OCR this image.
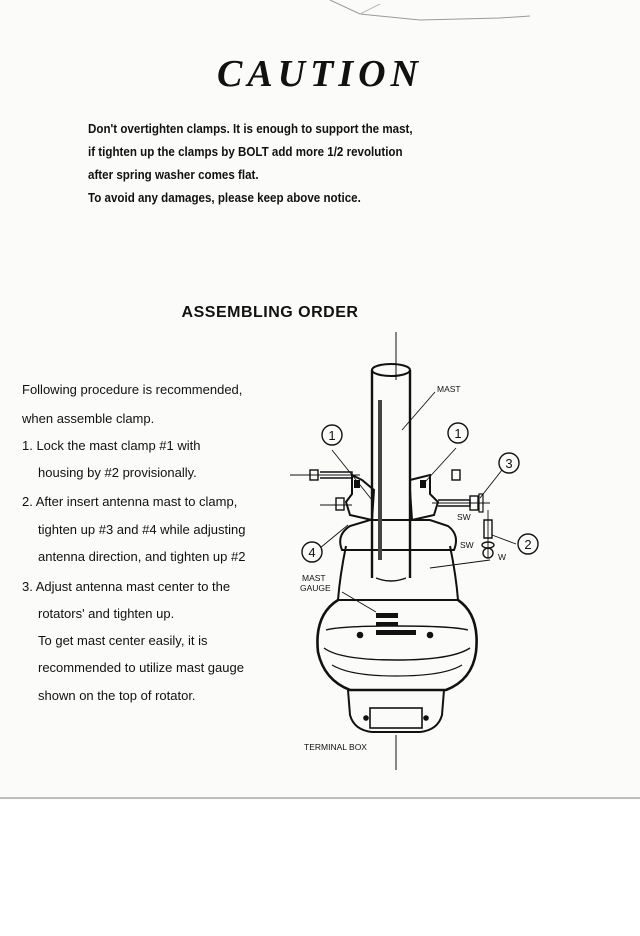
CAUTION
Don't overtighten clamps. It is enough to support the mast,
if tighten up the clamps by BOLT add more 1/2 revolution
after spring washer comes flat.
To avoid any damages, please keep above notice.
ASSEMBLING ORDER
Following procedure is recommended,
when assemble clamp.
1. Lock the mast clamp #1 with
housing by #2 provisionally.
2. After insert antenna mast to clamp,
tighten up #3 and #4 while adjusting
antenna direction, and tighten up #2
3. Adjust antenna mast center to the
rotators' and tighten up.
To get mast center easily, it is
recommended to utilize mast gauge
shown on the top of rotator.
1	1
3
2
4
MAST
SW
SW
W
MAST
GAUGE
TERMINAL BOX
